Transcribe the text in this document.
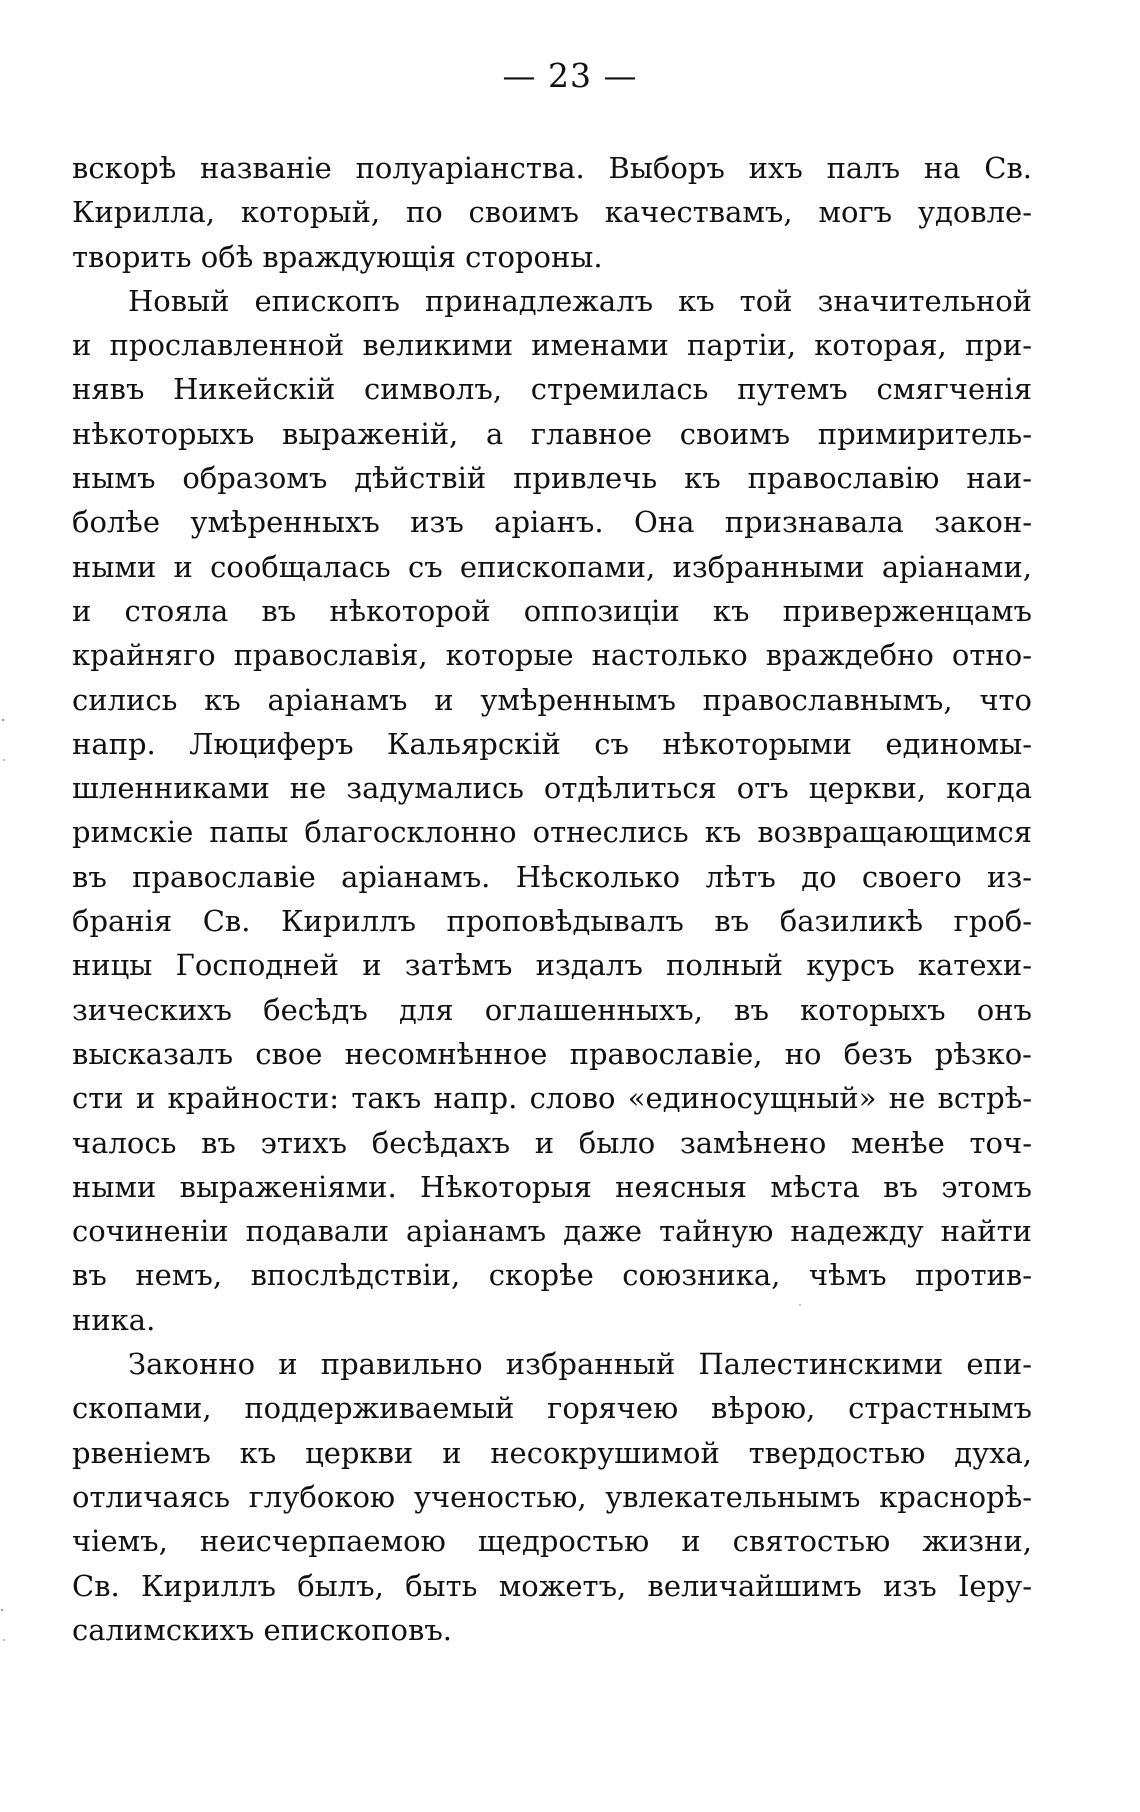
— 23 —
вскорѣ названіе полуаріанства. Выборъ ихъ палъ на Св.
Кирилла, который, по своимъ качествамъ, могъ удовле-
творить обѣ враждующія стороны.
Новый епископъ принадлежалъ къ той значительной
и прославленной великими именами партіи, которая, при-
нявъ Никейскій символъ, стремилась путемъ смягченія
нѣкоторыхъ выраженій, а главное своимъ примиритель-
нымъ образомъ дѣйствій привлечь къ православію наи-
болѣе умѣренныхъ изъ аріанъ. Она признавала закон-
ными и сообщалась съ епископами, избранными аріанами,
и стояла въ нѣкоторой оппозиціи къ приверженцамъ
крайняго православія, которые настолько враждебно отно-
сились къ аріанамъ и умѣреннымъ православнымъ, что
напр. Люциферъ Кальярскій съ нѣкоторыми единомы-
шленниками не задумались отдѣлиться отъ церкви, когда
римскіе папы благосклонно отнеслись къ возвращающимся
въ православіе аріанамъ. Нѣсколько лѣтъ до своего из-
бранія Св. Кириллъ проповѣдывалъ въ базиликѣ гроб-
ницы Господней и затѣмъ издалъ полный курсъ катехи-
зическихъ бесѣдъ для оглашенныхъ, въ которыхъ онъ
высказалъ свое несомнѣнное православіе, но безъ рѣзко-
сти и крайности: такъ напр. слово «единосущный» не встрѣ-
чалось въ этихъ бесѣдахъ и было замѣнено менѣе точ-
ными выраженіями. Нѣкоторыя неясныя мѣста въ этомъ
сочиненіи подавали аріанамъ даже тайную надежду найти
въ немъ, впослѣдствіи, скорѣе союзника, чѣмъ против-
ника.
Законно и правильно избранный Палестинскими епи-
скопами, поддерживаемый горячею вѣрою, страстнымъ
рвеніемъ къ церкви и несокрушимой твердостью духа,
отличаясь глубокою ученостью, увлекательнымъ краснорѣ-
чіемъ, неисчерпаемою щедростью и святостью жизни,
Св. Кириллъ былъ, быть можетъ, величайшимъ изъ Іеру-
салимскихъ епископовъ.
